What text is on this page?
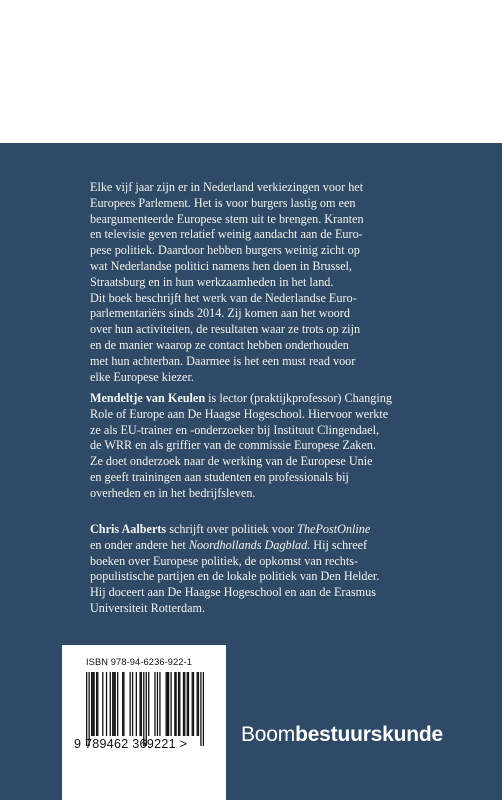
Elke vijf jaar zijn er in Nederland verkiezingen voor het
Europees Parlement. Het is voor burgers lastig om een
beargumenteerde Europese stem uit te brengen. Kranten
en televisie geven relatief weinig aandacht aan de Euro-
pese politiek. Daardoor hebben burgers weinig zicht op
wat Nederlandse politici namens hen doen in Brussel,
Straatsburg en in hun werkzaamheden in het land.
Dit boek beschrijft het werk van de Nederlandse Euro-
parlementariërs sinds 2014. Zij komen aan het woord
over hun activiteiten, de resultaten waar ze trots op zijn
en de manier waarop ze contact hebben onderhouden
met hun achterban. Daarmee is het een must read voor
elke Europese kiezer.
Mendeltje van Keulen is lector (praktijkprofessor) Changing
Role of Europe aan De Haagse Hogeschool. Hiervoor werkte
ze als EU-trainer en -onderzoeker bij Instituut Clingendael,
de WRR en als griffier van de commissie Europese Zaken.
Ze doet onderzoek naar de werking van de Europese Unie
en geeft trainingen aan studenten en professionals bij
overheden en in het bedrijfsleven.
Chris Aalberts schrijft over politiek voor ThePostOnline
en onder andere het Noordhollands Dagblad. Hij schreef
boeken over Europese politiek, de opkomst van rechts-
populistische partijen en de lokale politiek van Den Helder.
Hij doceert aan De Haagse Hogeschool en aan de Erasmus
Universiteit Rotterdam.
ISBN 978-94-6236-922-1
9 789462 369221 >	Boombestuurskunde
